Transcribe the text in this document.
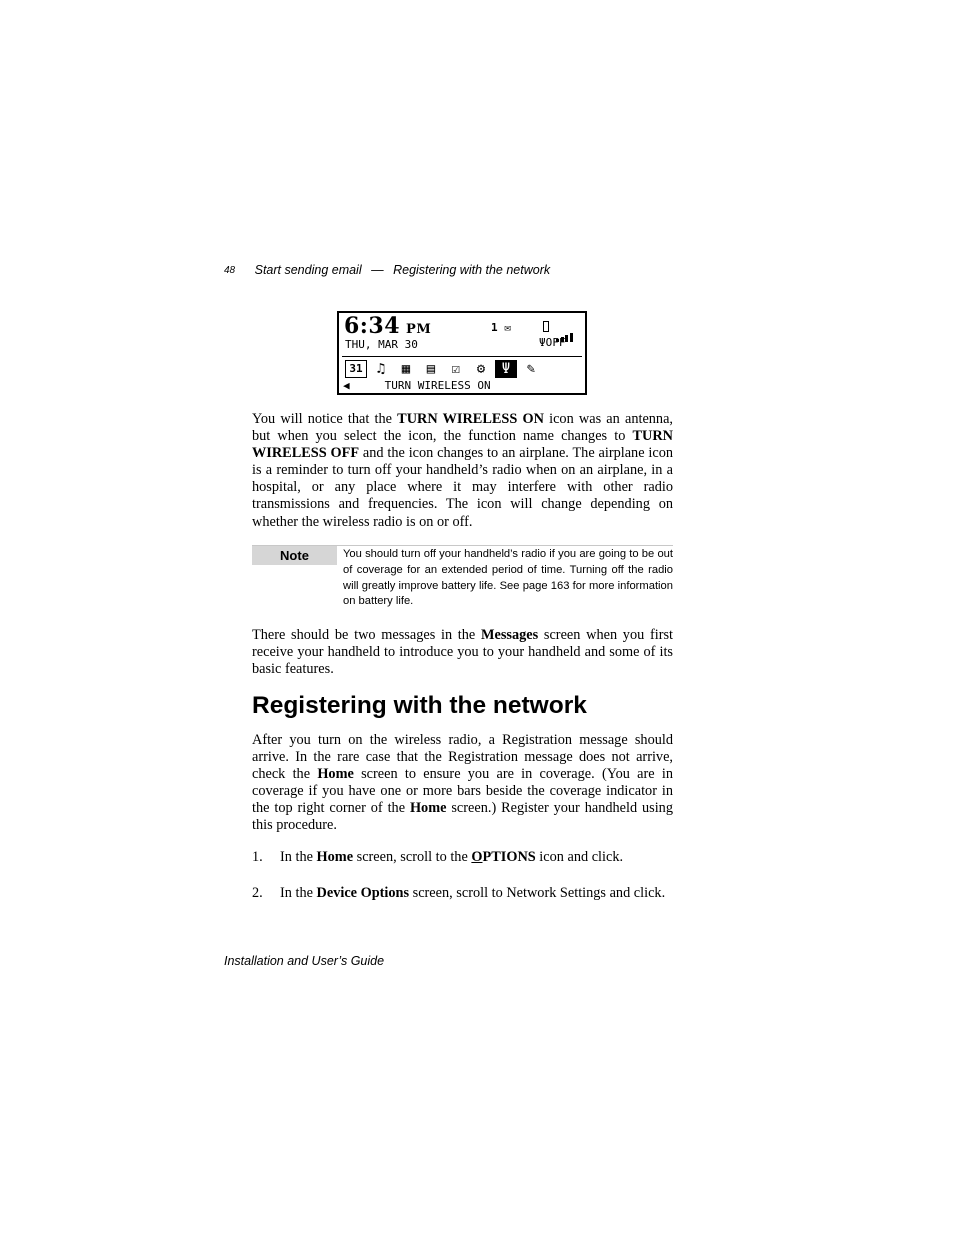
48 Start sending email — Registering with the network
6:34 PM	1 ✉
THU, MAR 30	ΨOFF
31	♫	▦	▤	☑	⚙	Ψ	✎
◀	TURN WIRELESS ON

You will notice that the TURN WIRELESS ON icon was an antenna, but when you select the icon, the function name changes to TURN WIRELESS OFF and the icon changes to an airplane. The airplane icon is a reminder to turn off your handheld’s radio when on an airplane, in a hospital, or any place where it may interfere with other radio transmissions and frequencies. The icon will change depending on whether the wireless radio is on or off.

Note	You should turn off your handheld’s radio if you are going to be out of coverage for an extended period of time. Turning off the radio will greatly improve battery life. See page 163 for more information on battery life.

There should be two messages in the Messages screen when you first receive your handheld to introduce you to your handheld and some of its basic features.

Registering with the network

After you turn on the wireless radio, a Registration message should arrive. In the rare case that the Registration message does not arrive, check the Home screen to ensure you are in coverage. (You are in coverage if you have one or more bars beside the coverage indicator in the top right corner of the Home screen.) Register your handheld using this procedure.

1. In the Home screen, scroll to the OPTIONS icon and click.
2. In the Device Options screen, scroll to Network Settings and click.
Installation and User’s Guide
